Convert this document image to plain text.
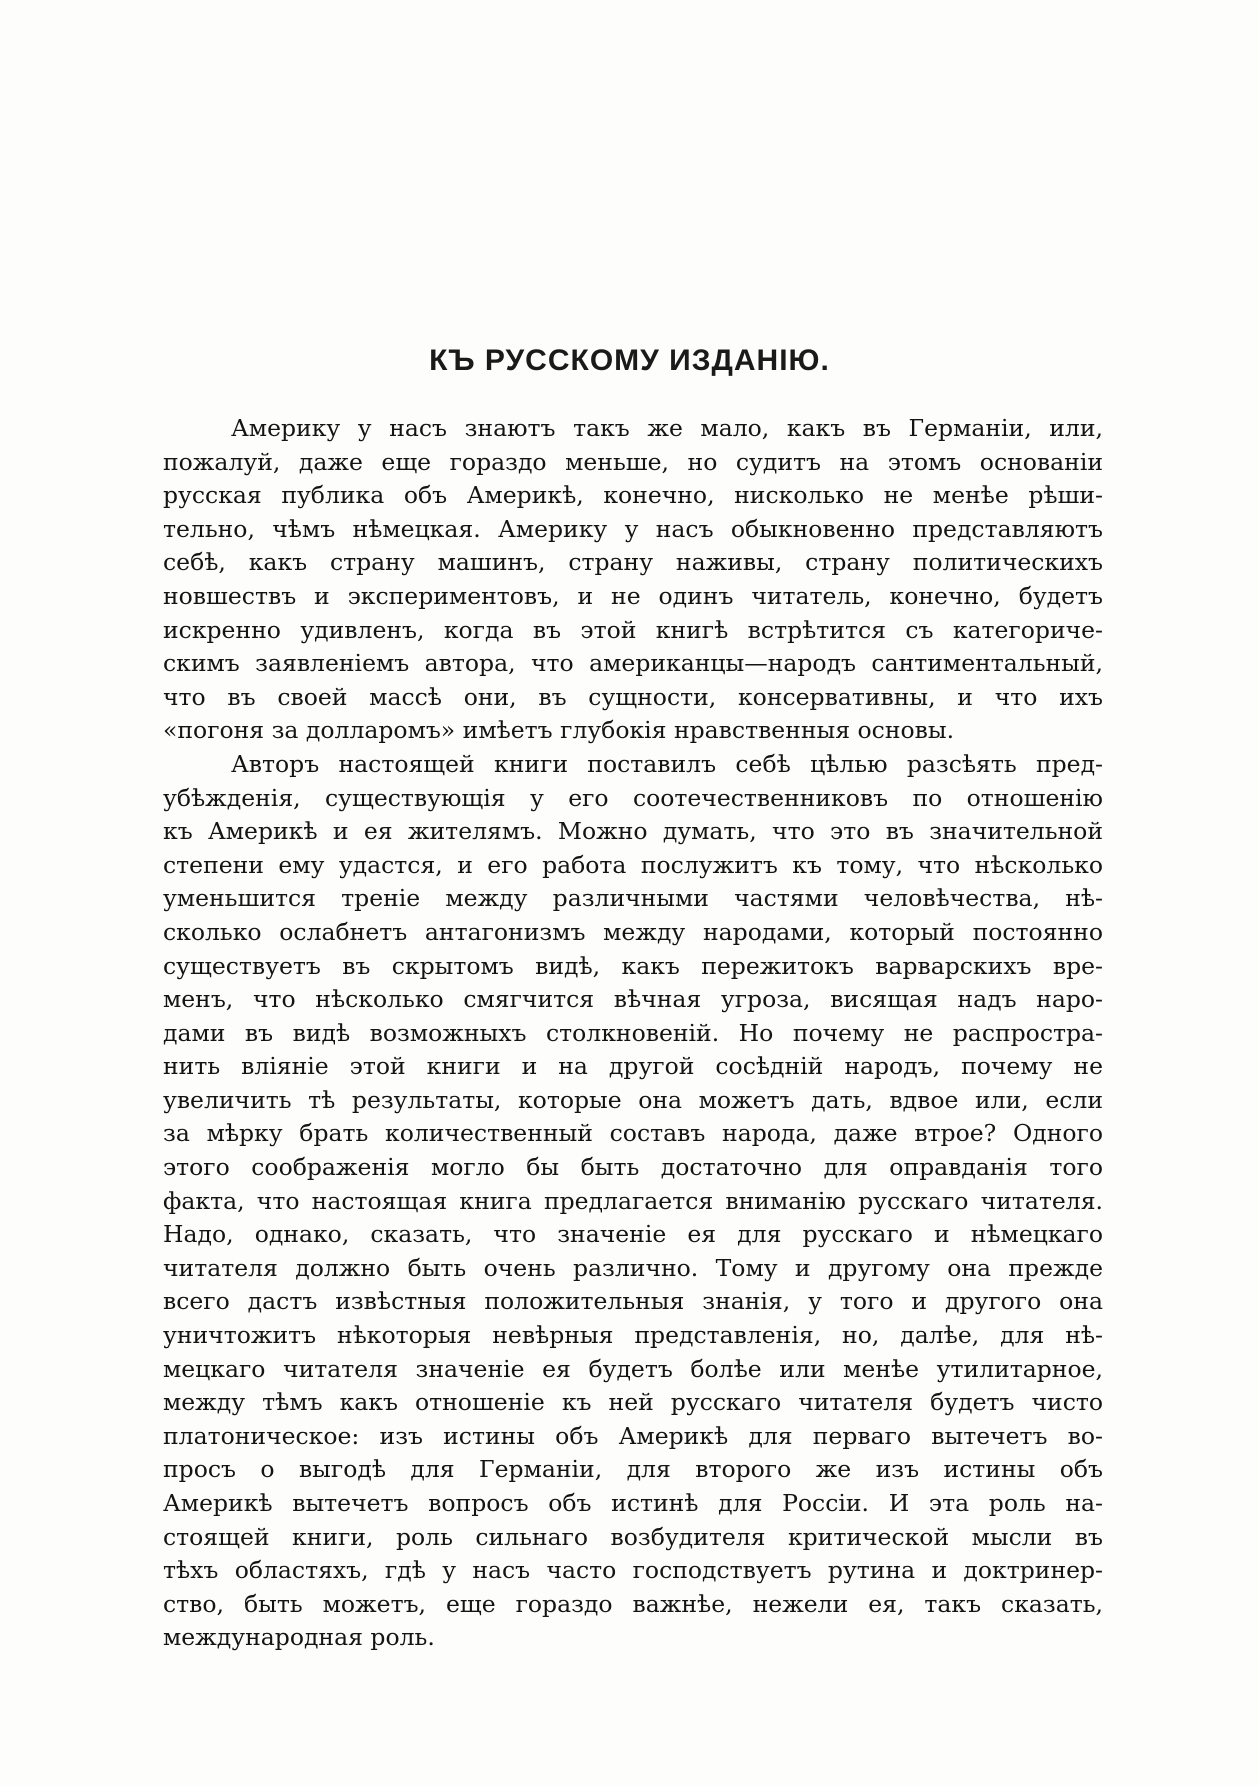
КЪ РУССКОМУ ИЗДАНІЮ.
Америку у насъ знаютъ такъ же мало, какъ въ Германіи, или,
пожалуй, даже еще гораздо меньше, но судитъ на этомъ основаніи
русская публика объ Америкѣ, конечно, нисколько не менѣе рѣши-
тельно, чѣмъ нѣмецкая. Америку у насъ обыкновенно представляютъ
себѣ, какъ страну машинъ, страну наживы, страну политическихъ
новшествъ и экспериментовъ, и не одинъ читатель, конечно, будетъ
искренно удивленъ, когда въ этой книгѣ встрѣтится съ категориче-
скимъ заявленіемъ автора, что американцы—народъ сантиментальный,
что въ своей массѣ они, въ сущности, консервативны, и что ихъ
«погоня за долларомъ» имѣетъ глубокія нравственныя основы.
Авторъ настоящей книги поставилъ себѣ цѣлью разсѣять пред-
убѣжденія, существующія у его соотечественниковъ по отношенію
къ Америкѣ и ея жителямъ. Можно думать, что это въ значительной
степени ему удастся, и его работа послужитъ къ тому, что нѣсколько
уменьшится треніе между различными частями человѣчества, нѣ-
сколько ослабнетъ антагонизмъ между народами, который постоянно
существуетъ въ скрытомъ видѣ, какъ пережитокъ варварскихъ вре-
менъ, что нѣсколько смягчится вѣчная угроза, висящая надъ наро-
дами въ видѣ возможныхъ столкновеній. Но почему не распростра-
нить вліяніе этой книги и на другой сосѣдній народъ, почему не
увеличить тѣ результаты, которые она можетъ дать, вдвое или, если
за мѣрку брать количественный составъ народа, даже втрое? Одного
этого соображенія могло бы быть достаточно для оправданія того
факта, что настоящая книга предлагается вниманію русскаго читателя.
Надо, однако, сказать, что значеніе ея для русскаго и нѣмецкаго
читателя должно быть очень различно. Тому и другому она прежде
всего дастъ извѣстныя положительныя знанія, у того и другого она
уничтожитъ нѣкоторыя невѣрныя представленія, но, далѣе, для нѣ-
мецкаго читателя значеніе ея будетъ болѣе или менѣе утилитарное,
между тѣмъ какъ отношеніе къ ней русскаго читателя будетъ чисто
платоническое: изъ истины объ Америкѣ для перваго вытечетъ во-
просъ о выгодѣ для Германіи, для второго же изъ истины объ
Америкѣ вытечетъ вопросъ объ истинѣ для Россіи. И эта роль на-
стоящей книги, роль сильнаго возбудителя критической мысли въ
тѣхъ областяхъ, гдѣ у насъ часто господствуетъ рутина и доктринер-
ство, быть можетъ, еще гораздо важнѣе, нежели ея, такъ сказать,
международная роль.
